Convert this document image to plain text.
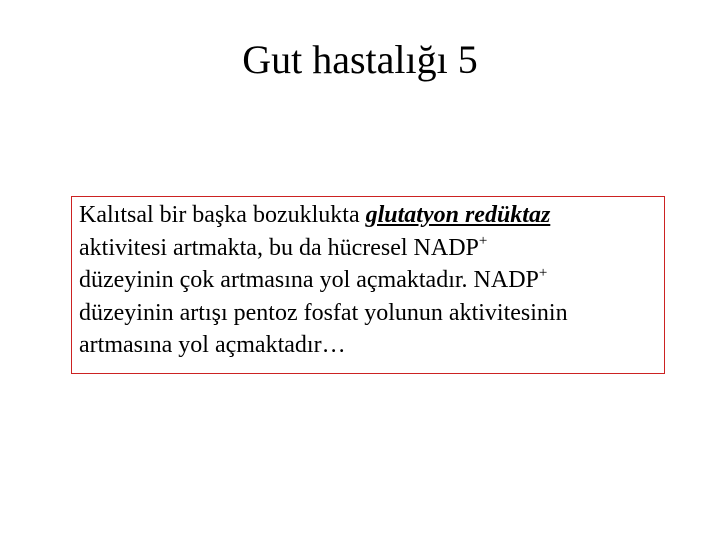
Gut hastalığı 5

Kalıtsal bir başka bozuklukta glutatyon redüktaz

aktivitesi artmakta, bu da hücresel NADP+

düzeyinin çok artmasına yol açmaktadır. NADP+

düzeyinin artışı pentoz fosfat yolunun aktivitesinin

artmasına yol açmaktadır…
